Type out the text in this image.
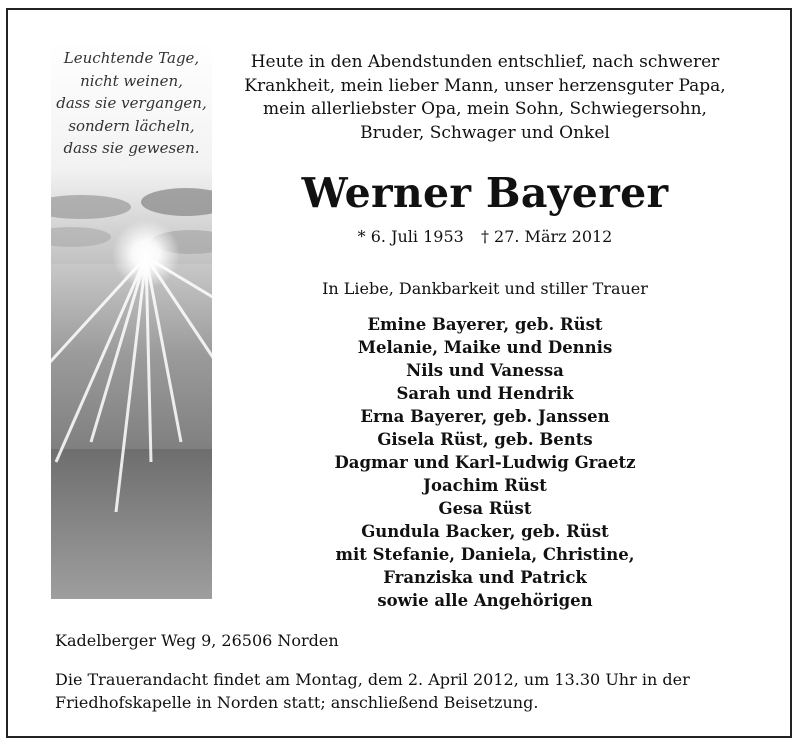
Leuchtende Tage,
nicht weinen,
dass sie vergangen,
sondern lächeln,
dass sie gewesen.
Heute in den Abendstunden entschlief, nach schwerer
Krankheit, mein lieber Mann, unser herzensguter Papa,
mein allerliebster Opa, mein Sohn, Schwiegersohn,
Bruder, Schwager und Onkel
Werner Bayerer
* 6. Juli 1953 † 27. März 2012
In Liebe, Dankbarkeit und stiller Trauer
Emine Bayerer, geb. Rüst
Melanie, Maike und Dennis
Nils und Vanessa
Sarah und Hendrik
Erna Bayerer, geb. Janssen
Gisela Rüst, geb. Bents
Dagmar und Karl-Ludwig Graetz
Joachim Rüst
Gesa Rüst
Gundula Backer, geb. Rüst
mit Stefanie, Daniela, Christine,
Franziska und Patrick
sowie alle Angehörigen
Kadelberger Weg 9, 26506 Norden
Die Trauerandacht findet am Montag, dem 2. April 2012, um 13.30 Uhr in der
Friedhofskapelle in Norden statt; anschließend Beisetzung.
